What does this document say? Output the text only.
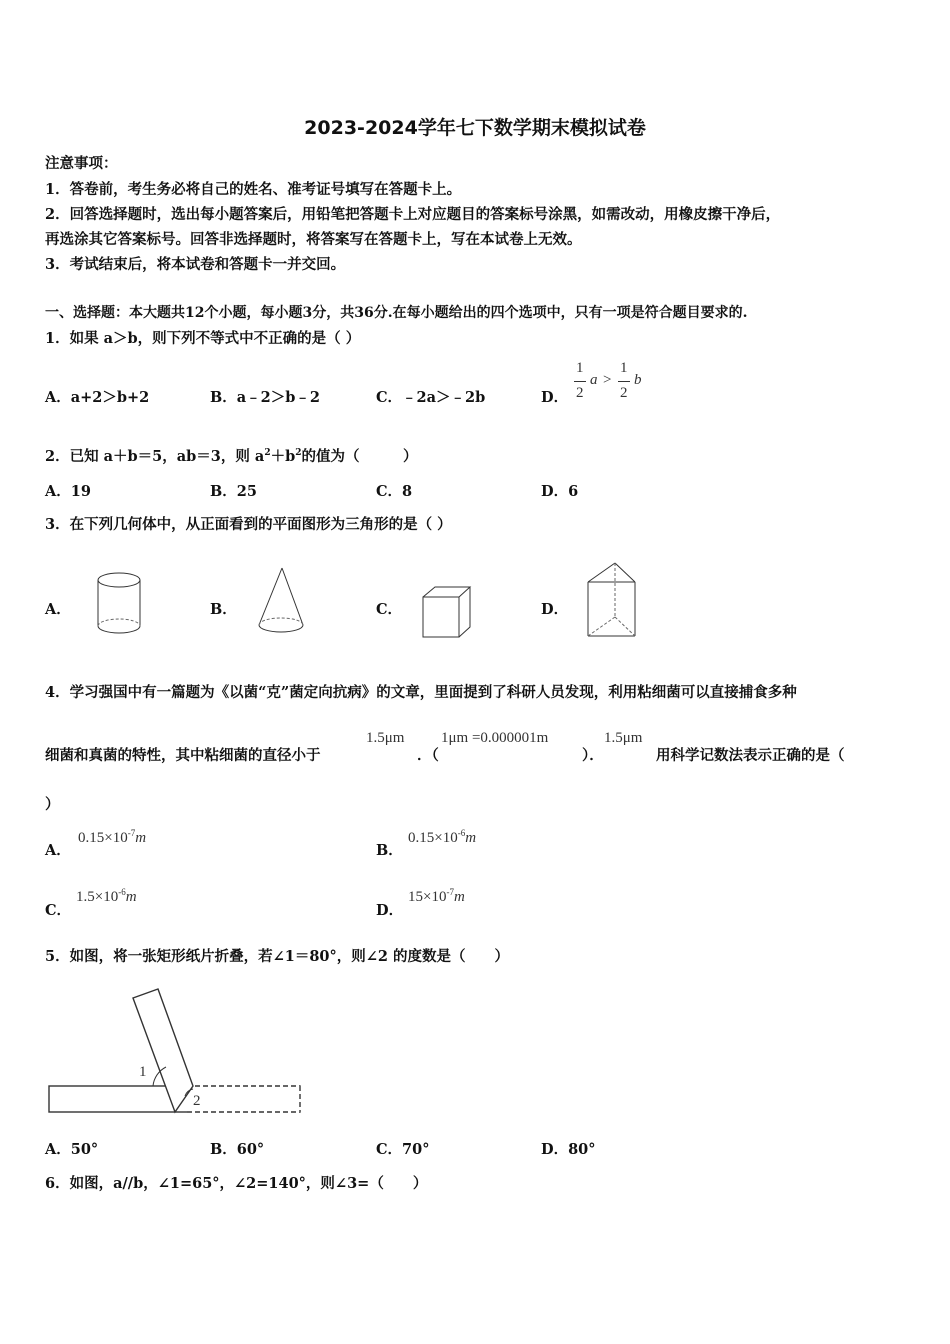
2023-2024学年七下数学期末模拟试卷
注意事项：
1．答卷前，考生务必将自己的姓名、准考证号填写在答题卡上。
2．回答选择题时，选出每小题答案后，用铅笔把答题卡上对应题目的答案标号涂黑，如需改动，用橡皮擦干净后，
再选涂其它答案标号。回答非选择题时，将答案写在答题卡上，写在本试卷上无效。
3．考试结束后，将本试卷和答题卡一并交回。
一、选择题：本大题共12个小题，每小题3分，共36分.在每小题给出的四个选项中，只有一项是符合题目要求的.
1．如果 a＞b，则下列不等式中不正确的是（ ）
A．a+2＞b+2	B．a﹣2＞b﹣2	C．﹣2a＞﹣2b	D．
1
2
a >
1
2
b
2．已知 a＋b＝5，ab＝3，则 $a^2+b^2$的值为（　　　）
A．19	B．25	C．8	D．6
3．在下列几何体中，从正面看到的平面图形为三角形的是（ ）
A．	B．	C．	D．
4．学习强国中有一篇题为《以菌“克”菌定向抗病》的文章，里面提到了科研人员发现，利用粘细菌可以直接捕食多种
细菌和真菌的特性，其中粘细菌的直径小于
1.5μm
．（
1μm =0.000001m
）．
1.5μm
用科学记数法表示正确的是（
）
A．
$0.15\times 10^{-7}m$
B．
$0.15\times 10^{-6}m$
C．
$1.5\times 10^{-6}m$
D．
$15\times 10^{-7}m$
5．如图，将一张矩形纸片折叠，若∠1＝80°，则∠2 的度数是（　　）
1
2
A．50°	B．60°	C．70°	D．80°
6．如图，a//b，∠1=65°，∠2=140°，则∠3=（　　）
